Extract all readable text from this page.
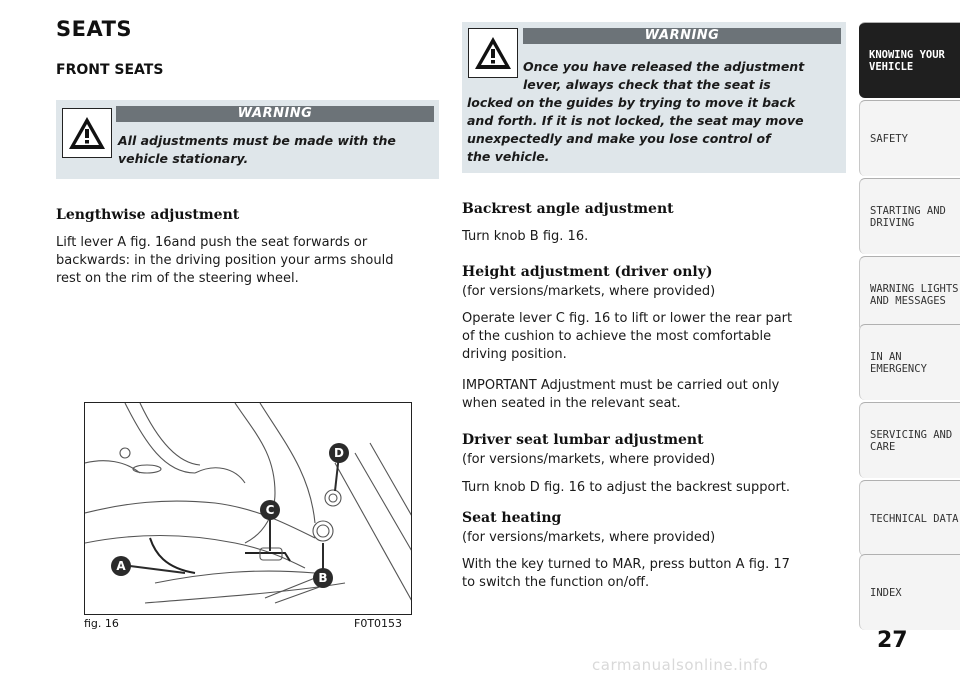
SEATS
FRONT SEATS
WARNING
All adjustments must be made with the
vehicle stationary.
WARNING
Once you have released the adjustment
lever, always check that the seat is
locked on the guides by trying to move it back
and forth. If it is not locked, the seat may move
unexpectedly and make you lose control of
the vehicle.
Lengthwise adjustment
Lift lever A fig. 16and push the seat forwards or
backwards: in the driving position your arms should
rest on the rim of the steering wheel.
A
B
C
D
fig. 16	F0T0153
Backrest angle adjustment
Turn knob B fig. 16.
Height adjustment (driver only)
(for versions/markets, where provided)
Operate lever C fig. 16 to lift or lower the rear part
of the cushion to achieve the most comfortable
driving position.
IMPORTANT Adjustment must be carried out only
when seated in the relevant seat.
Driver seat lumbar adjustment
(for versions/markets, where provided)
Turn knob D fig. 16 to adjust the backrest support.
Seat heating
(for versions/markets, where provided)
With the key turned to MAR, press button A fig. 17
to switch the function on/off.
KNOWING YOUR
VEHICLE
SAFETY
STARTING AND
DRIVING
WARNING LIGHTS
AND MESSAGES
IN AN EMERGENCY
SERVICING AND
CARE
TECHNICAL DATA
INDEX
27
carmanualsonline.info
